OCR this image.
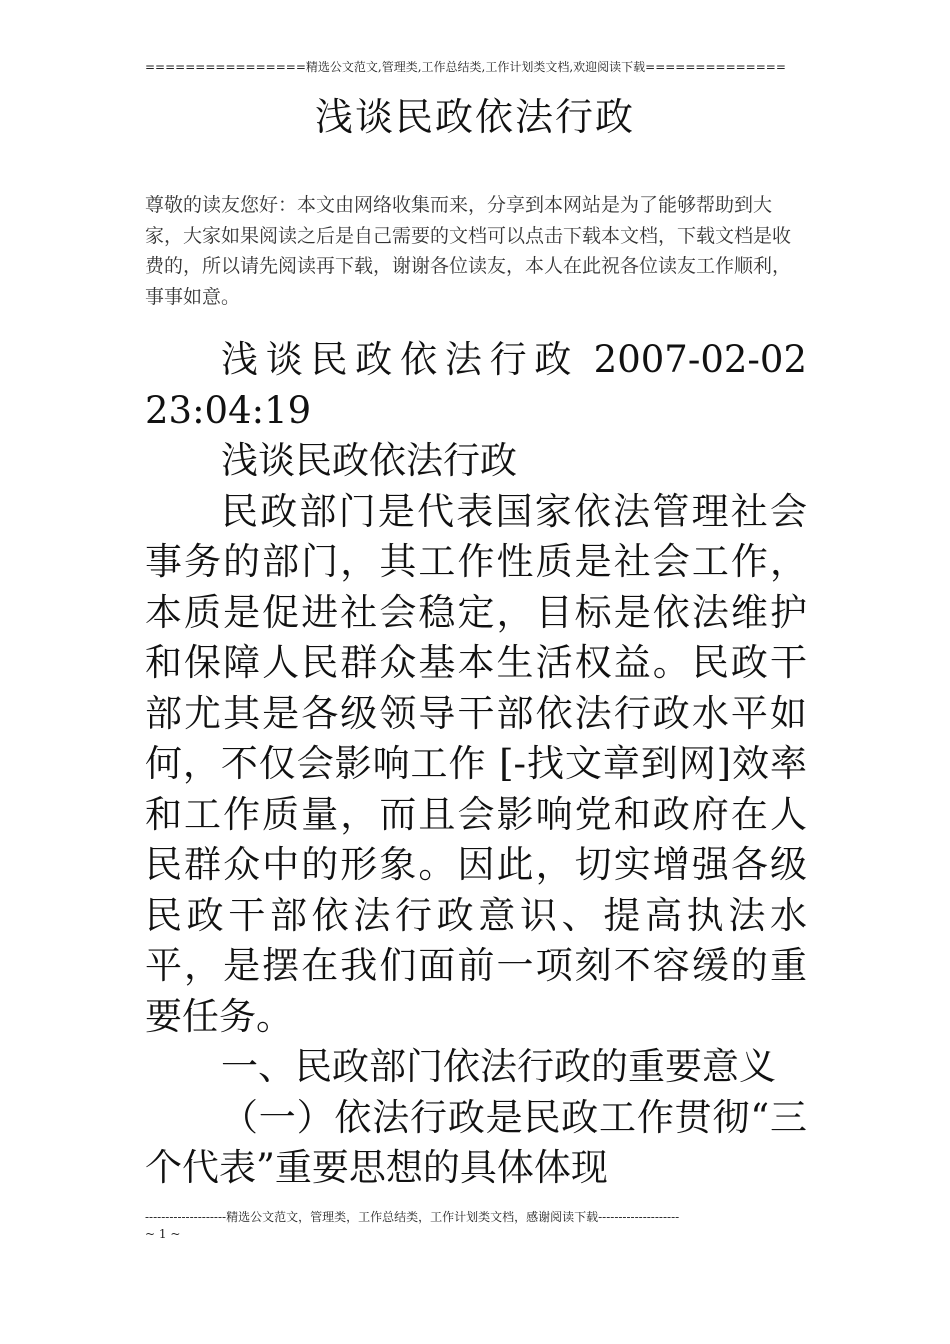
================精选公文范文,管理类,工作总结类,工作计划类文档,欢迎阅读下载==============
浅谈民政依法行政
尊敬的读友您好：本文由网络收集而来，分享到本网站是为了能够帮助到大家，大家如果阅读之后是自己需要的文档可以点击下载本文档，下载文档是收费的，所以请先阅读再下载，谢谢各位读友，本人在此祝各位读友工作顺利，事事如意。

浅谈民政依法行政 2007-02-02 23:04:19

浅谈民政依法行政

民政部门是代表国家依法管理社会事务的部门，其工作性质是社会工作，本质是促进社会稳定，目标是依法维护和保障人民群众基本生活权益。民政干部尤其是各级领导干部依法行政水平如何，不仅会影响工作 [-找文章到网]效率和工作质量，而且会影响党和政府在人民群众中的形象。因此，切实增强各级民政干部依法行政意识、提高执法水平，是摆在我们面前一项刻不容缓的重要任务。

一、民政部门依法行政的重要意义

（一）依法行政是民政工作贯彻“三个代表”重要思想的具体体现

--------------------精选公文范文，管理类，工作总结类，工作计划类文档，感谢阅读下载--------------------
~ 1 ~
